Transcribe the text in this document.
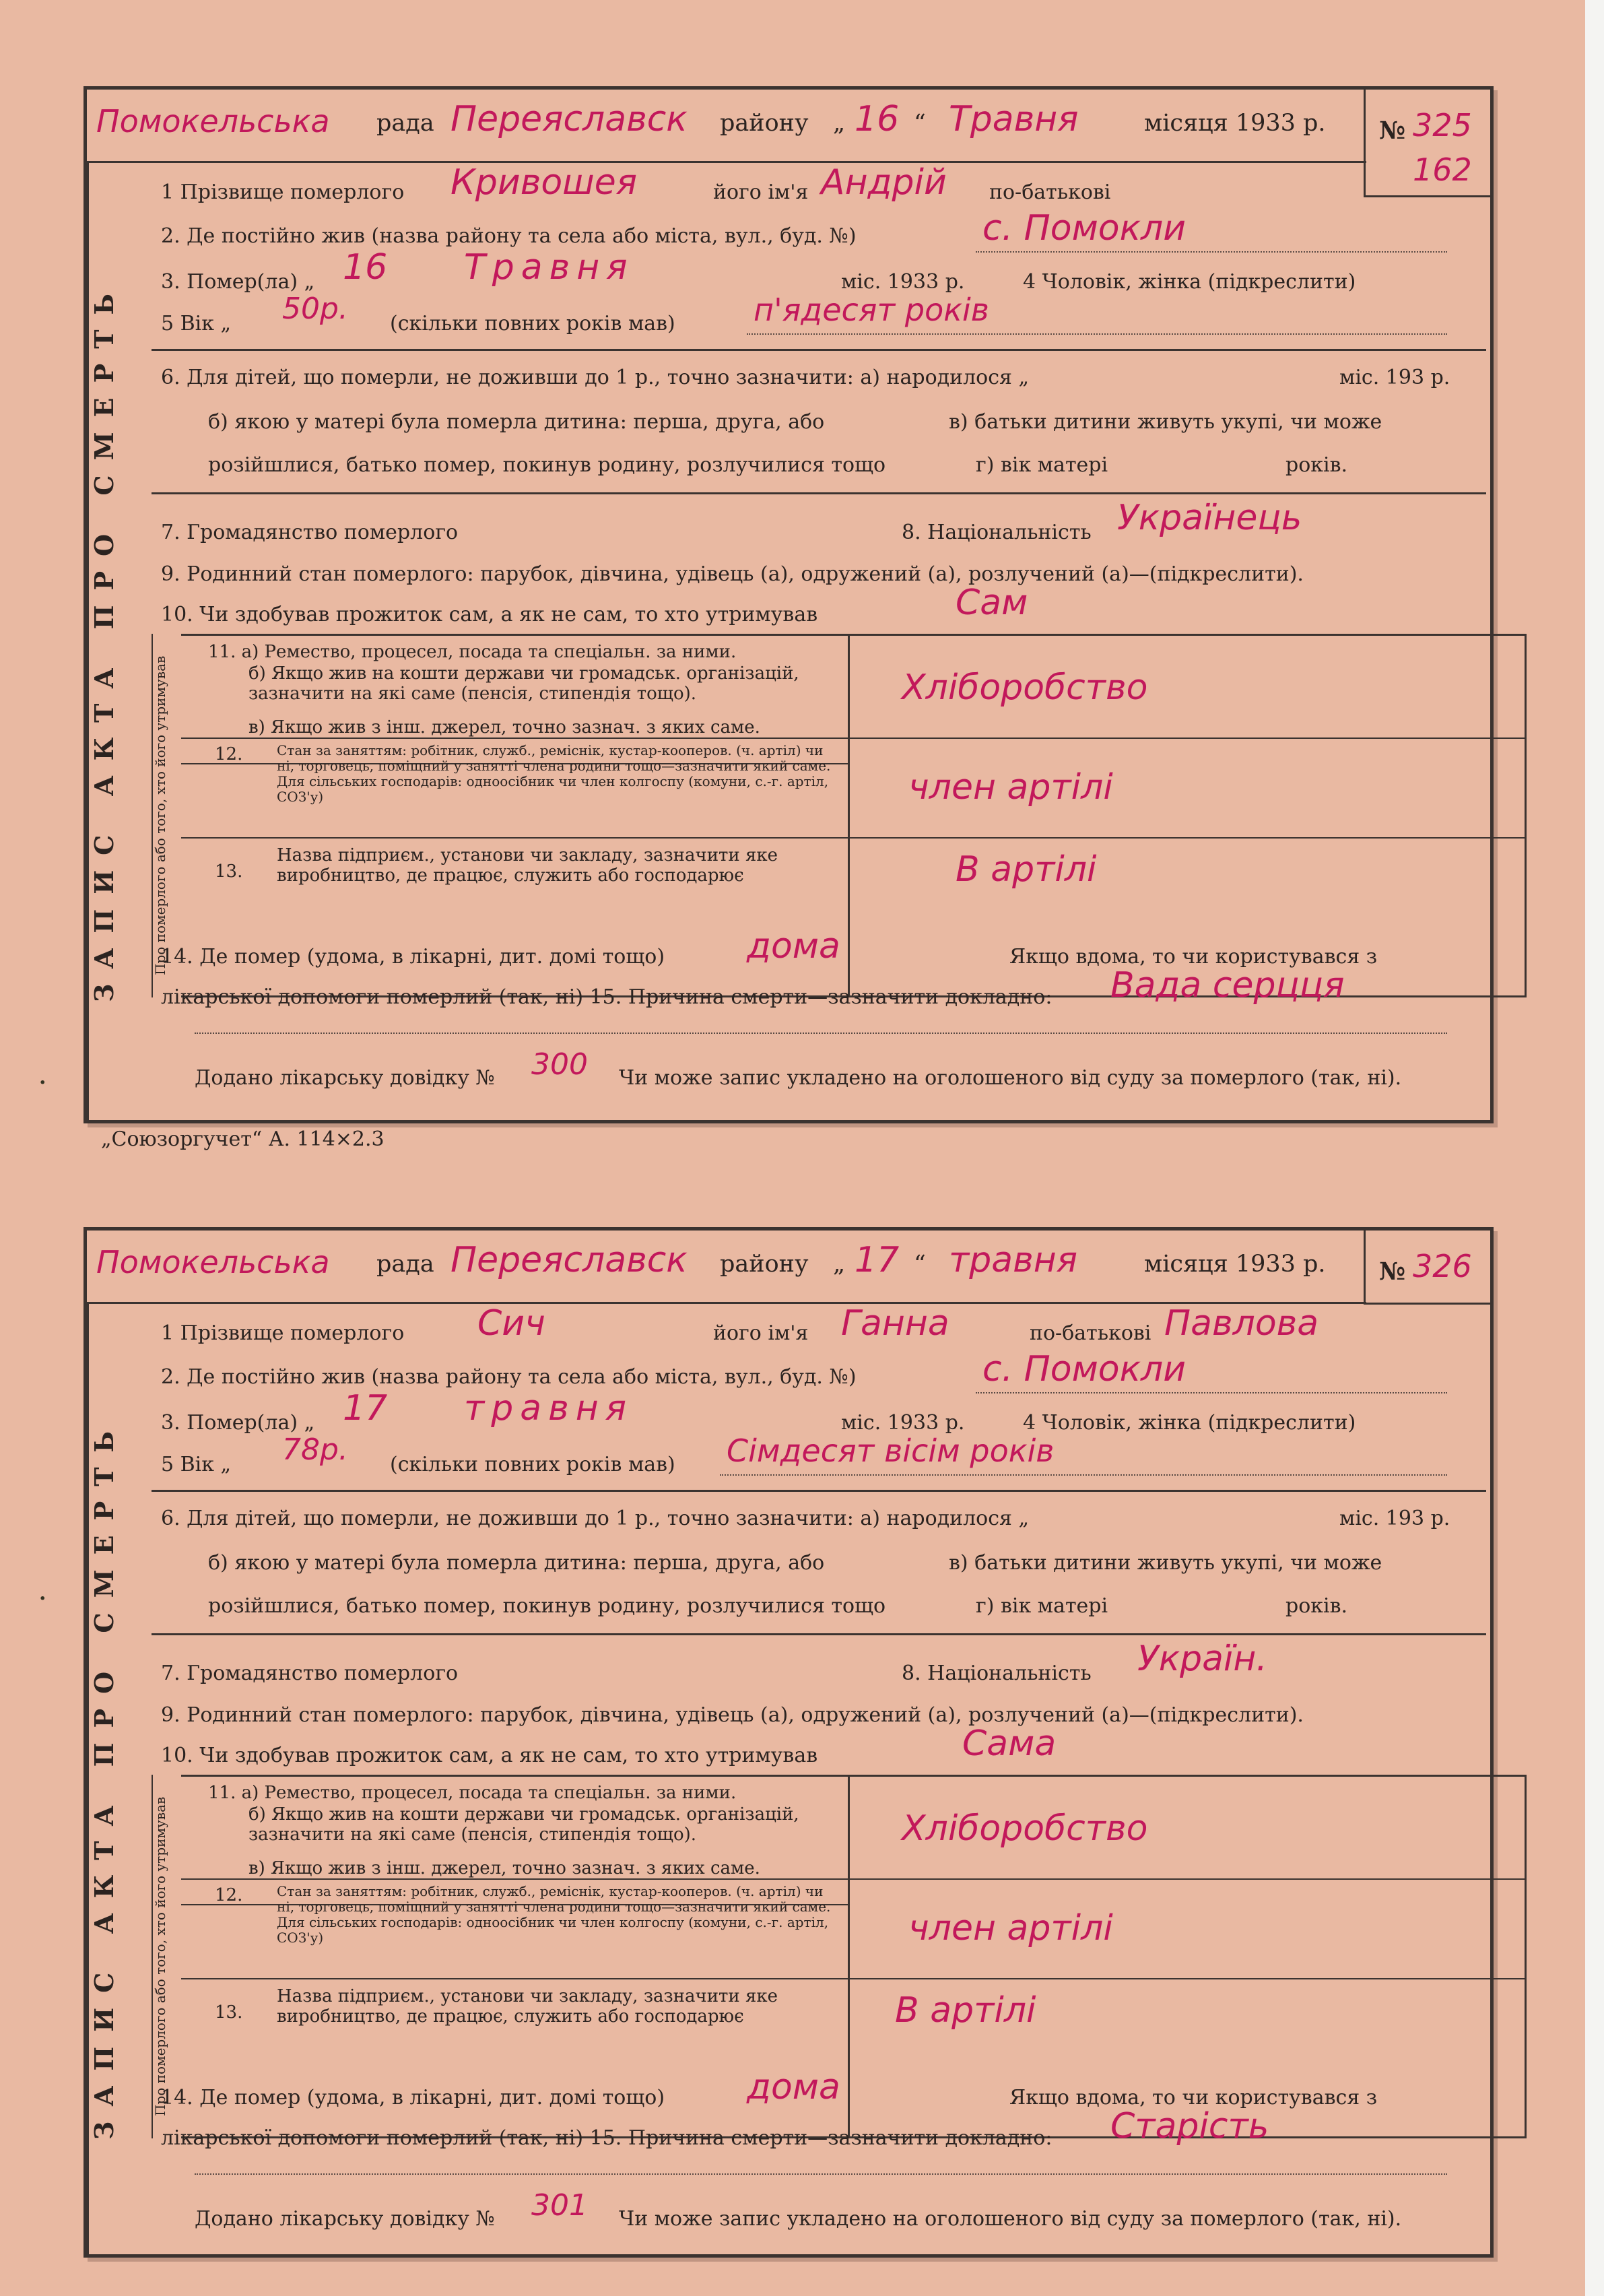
·
·
Помокельська рада Переяславск району „ 16 “ Травня	місяця 1933 р. № 325
162
ЗАПИС АКТА ПРО СМЕРТЬ
1 Прізвище померлого Кривошея	його ім'я Андрій по-батькові
2. Де постійно жив (назва району та села або міста, вул., буд. №)	с. Помокли
3. Помер(ла) „ 16 Травня	міс. 1933 р.	4 Чоловік, жінка (підкреслити)
5 Вік „ 50р. (скільки повних років мав)	п'ядесят років
6. Для дітей, що померли, не доживши до 1 р., точно зазначити: а) народилося „	міс. 193 р.
б) якою у матері була померла дитина: перша, друга, або	в) батьки дитини живуть укупі, чи може
розійшлися, батько помер, покинув родину, розлучилися тощо	г) вік матері	років.
7. Громадянство померлого	8. Національність Українець
9. Родинний стан померлого: парубок, дівчина, удівець (а), одружений (а), розлучений (а)—(підкреслити).
10. Чи здобував прожиток сам, а як не сам, то хто утримував	Сам
Про померлого або того, хто його утримував
11. а) Ремество, процесел, посада та спеціальн. за ними.
б) Якщо жив на кошти держави чи громадськ. організацій, зазначити на які саме (пенсія, стипендія тощо).
в) Якщо жив з інш. джерел, точно зазнач. з яких саме.
Хліборобство
12.	Стан за заняттям: робітник, служб., реміснік, кустар-кооперов. (ч. артіл) чи ні, торговець, поміщний у занятті члена родини тощо—зазначити який саме. Для сільських господарів: одноосібник чи член колгоспу (комуни, с.-г. артіл, СОЗ'у)	член артілі
13.
Назва підприєм., установи чи закладу, зазначити яке виробництво, де працює, служить або господарює	В артілі
14. Де помер (удома, в лікарні, дит. домі тощо) дома	Якщо вдома, то чи користувався з
лікарської допомоги померлий (так, ні) 15. Причина смерти—зазначити докладно: Вада серцця
Додано лікарську довідку № 300 Чи може запис укладено на оголошеного від суду за померлого (так, ні).
„Союзоргучет“ А. 114×2.3
Помокельська рада Переяславск району „ 17 “ травня	місяця 1933 р. № 326
ЗАПИС АКТА ПРО СМЕРТЬ
1 Прізвище померлого Сич	його ім'я Ганна	по-батькові Павлова
2. Де постійно жив (назва району та села або міста, вул., буд. №)	с. Помокли
3. Помер(ла) „ 17 травня	міс. 1933 р.	4 Чоловік, жінка (підкреслити)
5 Вік „ 78р. (скільки повних років мав) Сімдесят вісім років
6. Для дітей, що померли, не доживши до 1 р., точно зазначити: а) народилося „	міс. 193 р.
б) якою у матері була померла дитина: перша, друга, або	в) батьки дитини живуть укупі, чи може
розійшлися, батько помер, покинув родину, розлучилися тощо	г) вік матері	років.
7. Громадянство померлого	8. Національність Україн.
9. Родинний стан померлого: парубок, дівчина, удівець (а), одружений (а), розлучений (а)—(підкреслити).
10. Чи здобував прожиток сам, а як не сам, то хто утримував	Сама
Про померлого або того, хто його утримував
11. а) Ремество, процесел, посада та спеціальн. за ними.
б) Якщо жив на кошти держави чи громадськ. організацій, зазначити на які саме (пенсія, стипендія тощо).
в) Якщо жив з інш. джерел, точно зазнач. з яких саме.
Хліборобство
12.	Стан за заняттям: робітник, служб., реміснік, кустар-кооперов. (ч. артіл) чи ні, торговець, поміщний у занятті члена родини тощо—зазначити який саме. Для сільських господарів: одноосібник чи член колгоспу (комуни, с.-г. артіл, СОЗ'у)	член артілі
13.
Назва підприєм., установи чи закладу, зазначити яке виробництво, де працює, служить або господарює	В артілі
14. Де помер (удома, в лікарні, дит. домі тощо) дома	Якщо вдома, то чи користувався з
лікарської допомоги померлий (так, ні) 15. Причина смерти—зазначити докладно: Старість
Додано лікарську довідку № 301 Чи може запис укладено на оголошеного від суду за померлого (так, ні).
